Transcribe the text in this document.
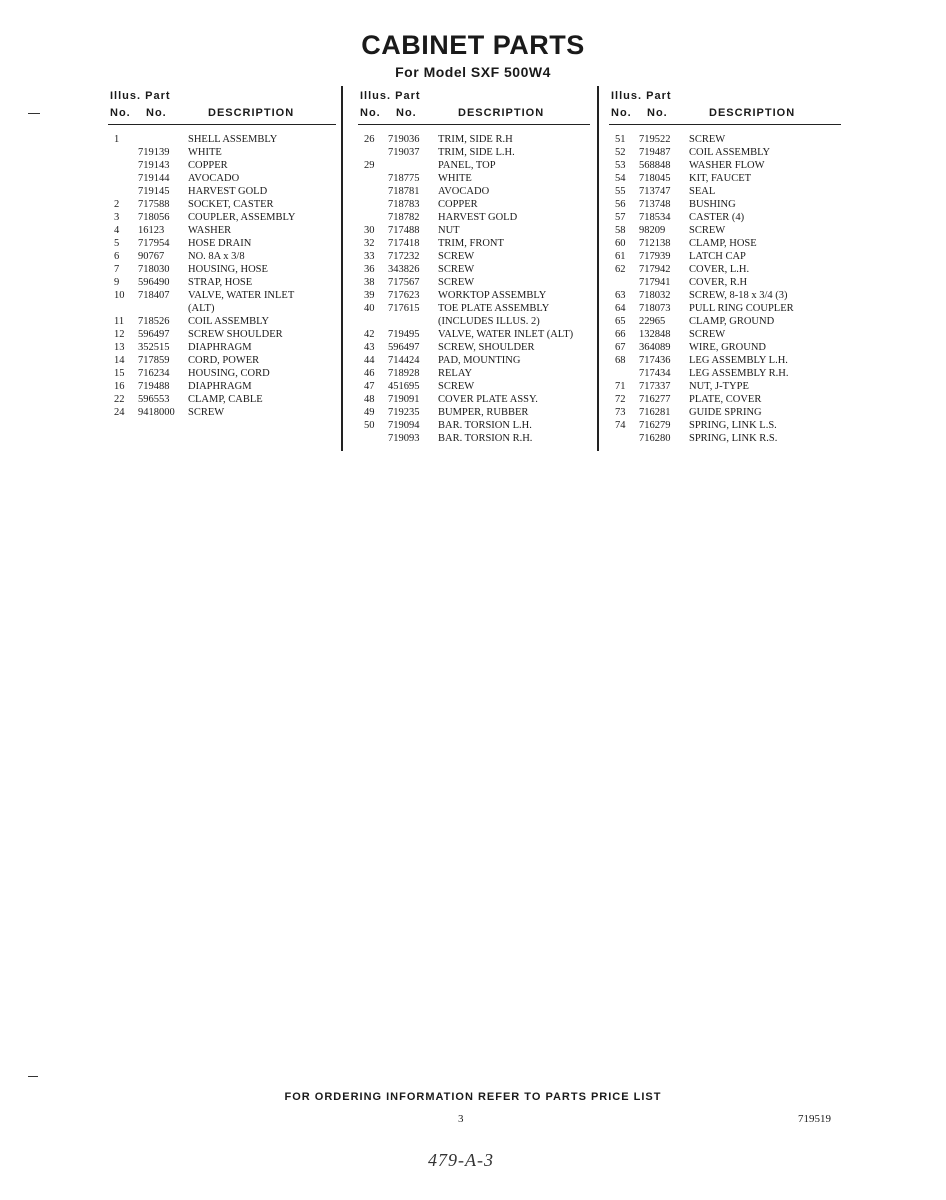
CABINET PARTS
For Model SXF 500W4
Illus. Part
No. No.	DESCRIPTION
1	SHELL ASSEMBLY
719139 WHITE
719143 COPPER
719144 AVOCADO
719145 HARVEST GOLD
2 717588 SOCKET, CASTER
3 718056 COUPLER, ASSEMBLY
4 16123 WASHER
5 717954 HOSE DRAIN
6 90767 NO. 8A x 3/8
7 718030 HOUSING, HOSE
9 596490 STRAP, HOSE
10 718407 VALVE, WATER INLET
(ALT)
11 718526 COIL ASSEMBLY
12 596497 SCREW SHOULDER
13 352515 DIAPHRAGM
14 717859 CORD, POWER
15 716234 HOUSING, CORD
16 719488 DIAPHRAGM
22 596553 CLAMP, CABLE
24 9418000 SCREW
Illus. Part
No. No.	DESCRIPTION
26 719036 TRIM, SIDE R.H
719037 TRIM, SIDE L.H.
29	PANEL, TOP
718775 WHITE
718781 AVOCADO
718783 COPPER
718782 HARVEST GOLD
30 717488 NUT
32 717418 TRIM, FRONT
33 717232 SCREW
36 343826 SCREW
38 717567 SCREW
39 717623 WORKTOP ASSEMBLY
40 717615 TOE PLATE ASSEMBLY
(INCLUDES ILLUS. 2)
42 719495 VALVE, WATER INLET (ALT)
43 596497 SCREW, SHOULDER
44 714424 PAD, MOUNTING
46 718928 RELAY
47 451695 SCREW
48 719091 COVER PLATE ASSY.
49 719235 BUMPER, RUBBER
50 719094 BAR. TORSION L.H.
719093 BAR. TORSION R.H.
Illus. Part
No. No.	DESCRIPTION
51 719522 SCREW
52 719487 COIL ASSEMBLY
53 568848 WASHER FLOW
54 718045 KIT, FAUCET
55 713747 SEAL
56 713748 BUSHING
57 718534 CASTER (4)
58 98209 SCREW
60 712138 CLAMP, HOSE
61 717939 LATCH CAP
62 717942 COVER, L.H.
717941 COVER, R.H
63 718032 SCREW, 8-18 x 3/4 (3)
64 718073 PULL RING COUPLER
65 22965 CLAMP, GROUND
66 132848 SCREW
67 364089 WIRE, GROUND
68 717436 LEG ASSEMBLY L.H.
717434 LEG ASSEMBLY R.H.
71 717337 NUT, J-TYPE
72 716277 PLATE, COVER
73 716281 GUIDE SPRING
74 716279 SPRING, LINK L.S.
716280 SPRING, LINK R.S.
FOR ORDERING INFORMATION REFER TO PARTS PRICE LIST
3	719519
479-A-3
